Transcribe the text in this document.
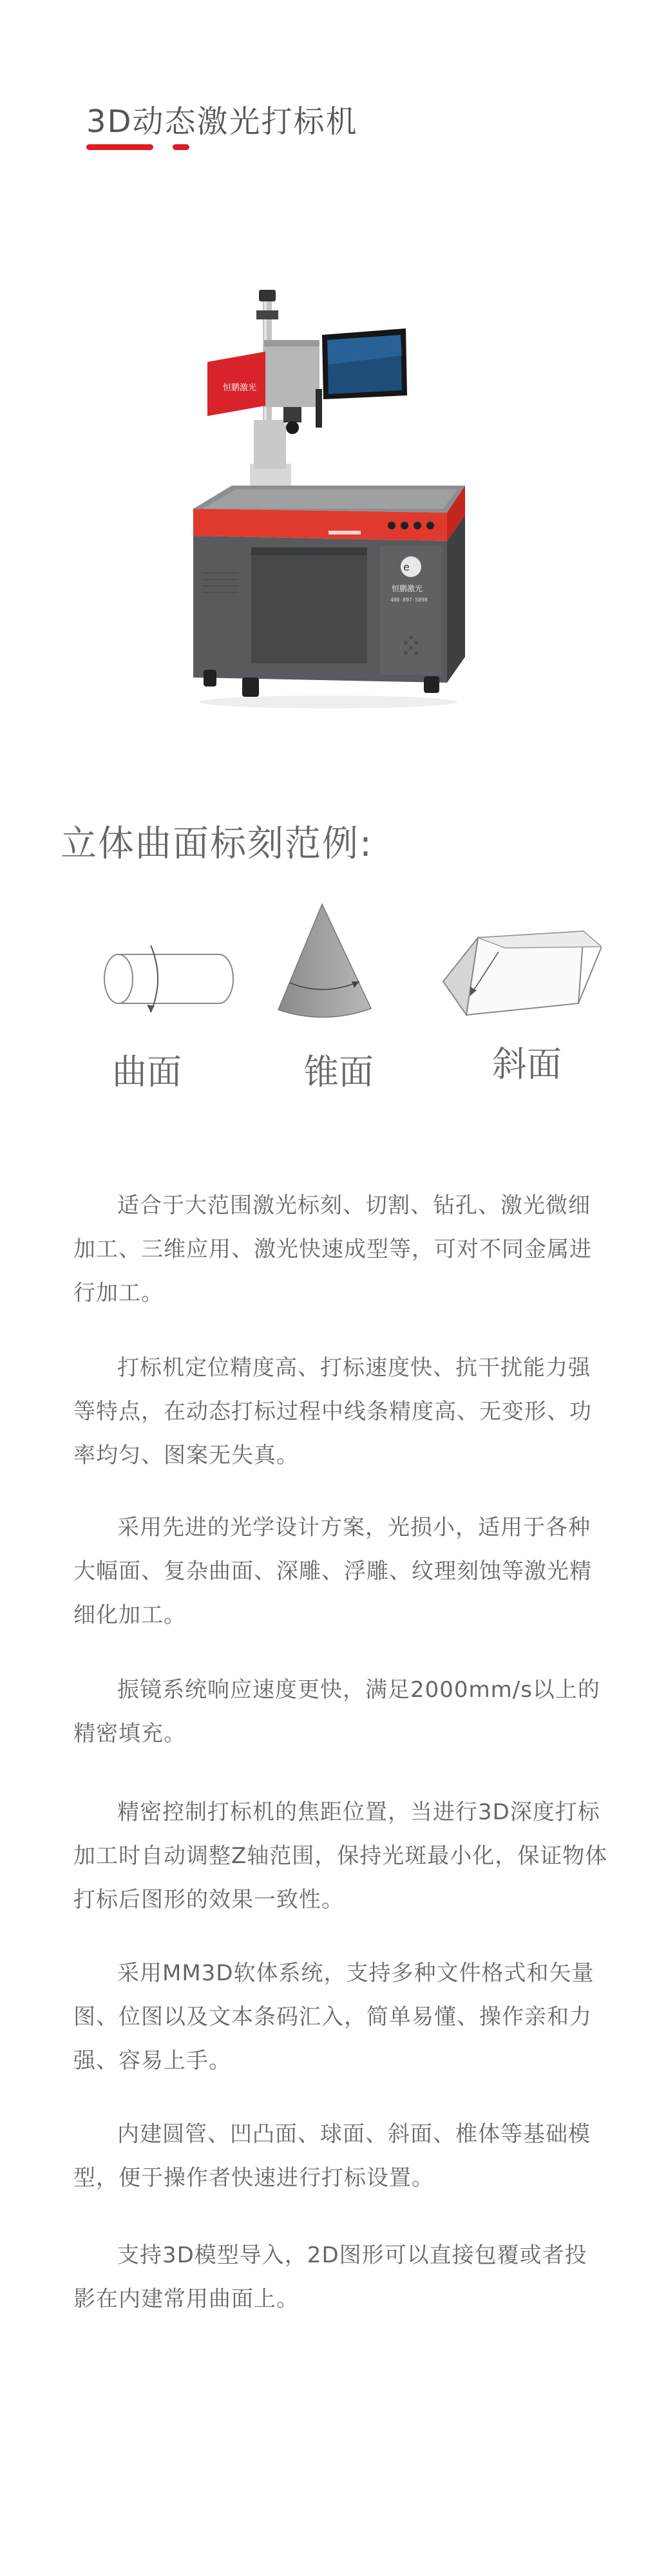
3D动态激光打标机
恒鹏激光
e
恒鹏激光
400-897-5898
立体曲面标刻范例:
曲面	锥面	斜面

适合于大范围激光标刻、切割、钻孔、激光微细加工、三维应用、激光快速成型等，可对不同金属进行加工。

打标机定位精度高、打标速度快、抗干扰能力强等特点，在动态打标过程中线条精度高、无变形、功率均匀、图案无失真。

采用先进的光学设计方案，光损小，适用于各种大幅面、复杂曲面、深雕、浮雕、纹理刻蚀等激光精细化加工。

振镜系统响应速度更快，满足2000mm/s以上的精密填充。

精密控制打标机的焦距位置，当进行3D深度打标加工时自动调整Z轴范围，保持光斑最小化，保证物体打标后图形的效果一致性。

采用MM3D软体系统，支持多种文件格式和矢量图、位图以及文本条码汇入，简单易懂、操作亲和力强、容易上手。

内建圆管、凹凸面、球面、斜面、椎体等基础模型，便于操作者快速进行打标设置。

支持3D模型导入，2D图形可以直接包覆或者投影在内建常用曲面上。
